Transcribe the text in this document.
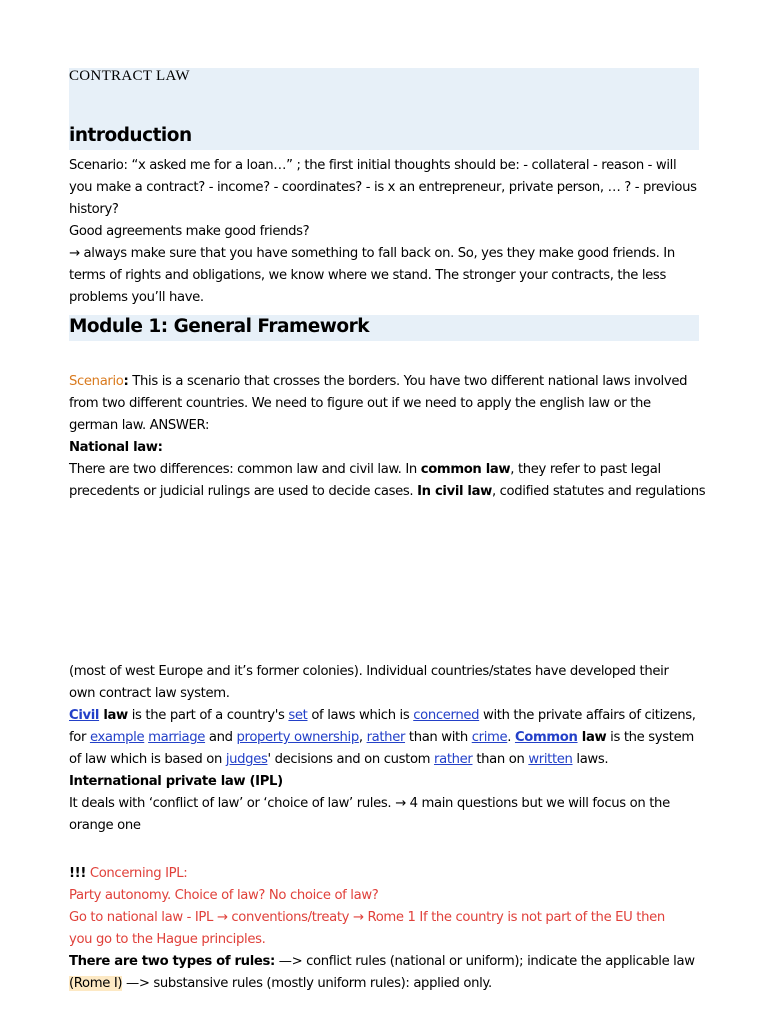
CONTRACT LAW
introduction
Scenario: “x asked me for a loan…” ; the first initial thoughts should be: - collateral - reason - will
you make a contract? - income? - coordinates? - is x an entrepreneur, private person, … ? - previous
history?
Good agreements make good friends?
→ always make sure that you have something to fall back on. So, yes they make good friends. In
terms of rights and obligations, we know where we stand. The stronger your contracts, the less
problems you’ll have.
Module 1: General Framework
Scenario: This is a scenario that crosses the borders. You have two different national laws involved
from two different countries. We need to figure out if we need to apply the english law or the
german law. ANSWER:
National law:
There are two differences: common law and civil law. In common law, they refer to past legal
precedents or judicial rulings are used to decide cases. In civil law, codified statutes and regulations
(most of west Europe and it’s former colonies). Individual countries/states have developed their
own contract law system.
Civil law is the part of a country's set of laws which is concerned with the private affairs of citizens,
for example marriage and property ownership, rather than with crime. Common law is the system
of law which is based on judges' decisions and on custom rather than on written laws.
International private law (IPL)
It deals with ‘conflict of law’ or ‘choice of law’ rules. → 4 main questions but we will focus on the
orange one
!!! Concerning IPL:
Party autonomy. Choice of law? No choice of law?
Go to national law - IPL → conventions/treaty → Rome 1 If the country is not part of the EU then
you go to the Hague principles.
There are two types of rules: —> conflict rules (national or uniform); indicate the applicable law
(Rome I) —> substansive rules (mostly uniform rules): applied only.
